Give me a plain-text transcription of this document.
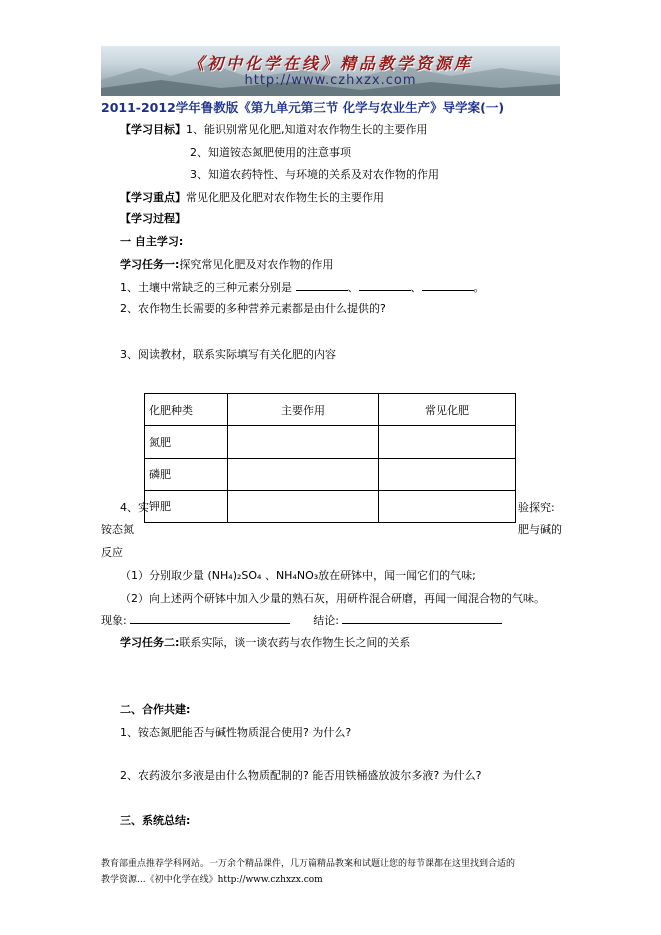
《初中化学在线》精品教学资源库
http://www.czhxzx.com
2011-2012学年鲁教版《第九单元第三节 化学与农业生产》导学案(一)
【学习目标】1、能识别常见化肥,知道对农作物生长的主要作用
2、知道铵态氮肥使用的注意事项
3、知道农药特性、与环境的关系及对农作物的作用
【学习重点】常见化肥及化肥对农作物生长的主要作用
【学习过程】
一 自主学习:
学习任务一:探究常见化肥及对农作物的作用
1、土壤中常缺乏的三种元素分别是	、	、	。
2、农作物生长需要的多种营养元素都是由什么提供的?
3、阅读教材，联系实际填写有关化肥的内容
化肥种类	主要作用	常见化肥
氮肥		
磷肥		
钾肥		
4、实	验探究:
铵态氮	肥与碱的
反应
（1）分别取少量 (NH₄)₂SO₄ 、NH₄NO₃放在研钵中，闻一闻它们的气味;
（2）向上述两个研钵中加入少量的熟石灰，用研杵混合研磨，再闻一闻混合物的气味。
现象:	结论:
学习任务二:联系实际，谈一谈农药与农作物生长之间的关系
二、合作共建:
1、铵态氮肥能否与碱性物质混合使用? 为什么?
2、农药波尔多液是由什么物质配制的? 能否用铁桶盛放波尔多液? 为什么?
三、系统总结:
教育部重点推荐学科网站。一万余个精品课件，几万篇精品教案和试题让您的每节课都在这里找到合适的
教学资源...《初中化学在线》http://www.czhxzx.com
